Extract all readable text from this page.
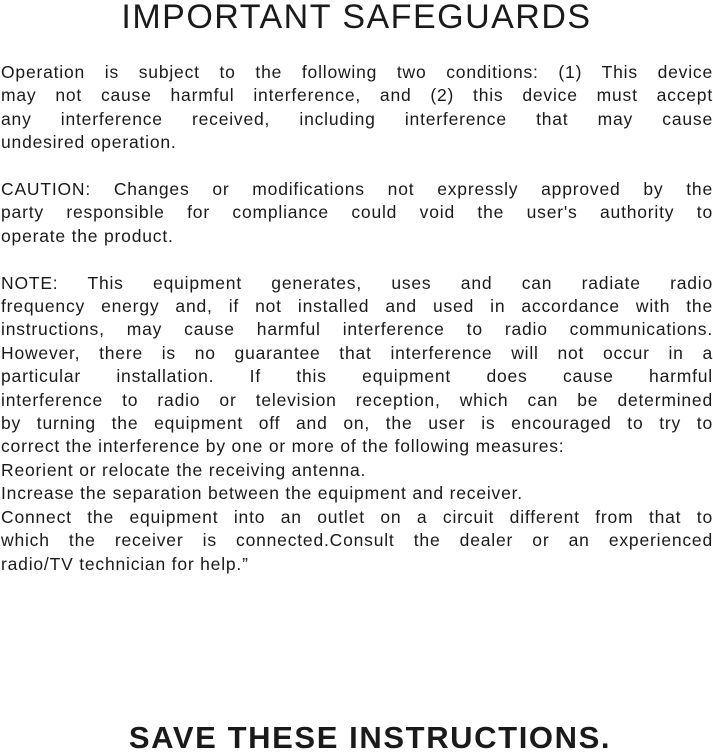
IMPORTANT SAFEGUARDS

Operation is subject to the following two conditions: (1) This device
may not cause harmful interference, and (2) this device must accept
any interference received, including interference that may cause
undesired operation.

CAUTION: Changes or modifications not expressly approved by the
party responsible for compliance could void the user's authority to
operate the product.

NOTE: This equipment generates, uses and can radiate radio
frequency energy and, if not installed and used in accordance with the
instructions, may cause harmful interference to radio communications.
However, there is no guarantee that interference will not occur in a
particular installation. If this equipment does cause harmful
interference to radio or television reception, which can be determined
by turning the equipment off and on, the user is encouraged to try to
correct the interference by one or more of the following measures:

Reorient or relocate the receiving antenna.
Increase the separation between the equipment and receiver.

Connect the equipment into an outlet on a circuit different from that to
which the receiver is connected.Consult the dealer or an experienced
radio/TV technician for help.”

SAVE THESE INSTRUCTIONS.
